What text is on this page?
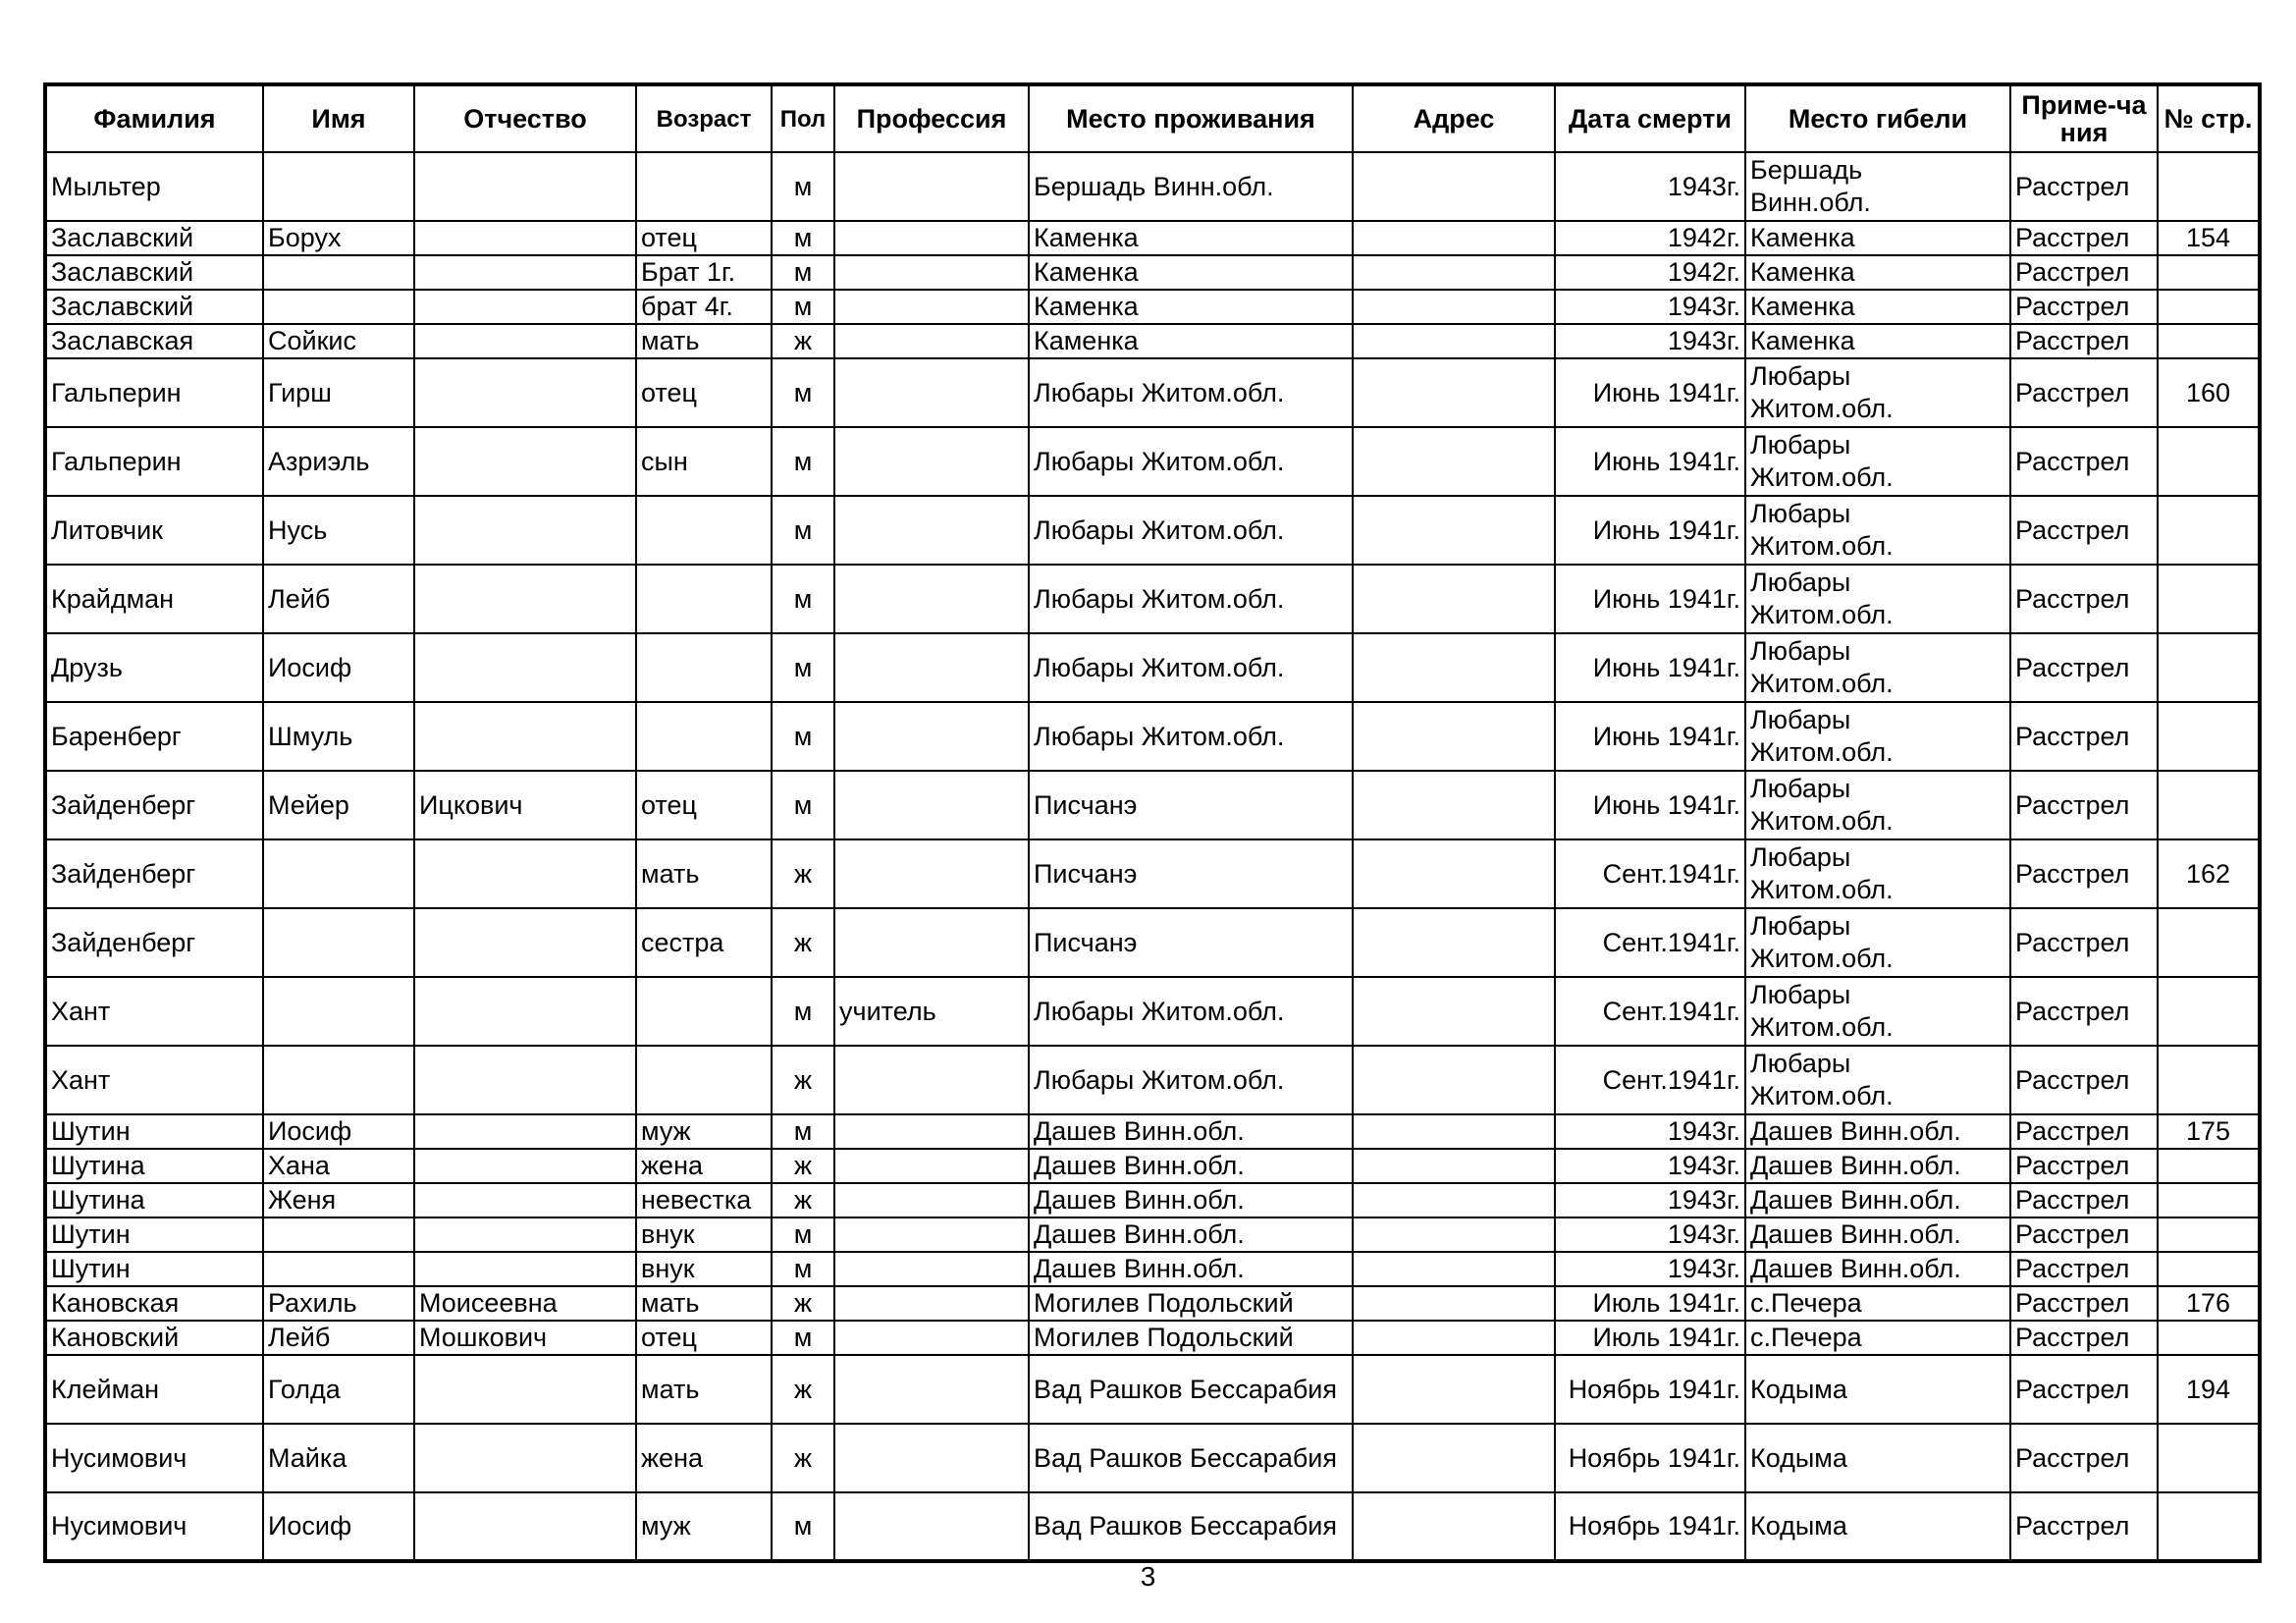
Фамилия	Имя	Отчество	Возраст	Пол	Профессия	Место проживания	Адрес	Дата смерти	Место гибели	Приме-чания	№ стр.
Мыльтер				м		Бершадь Винн.обл.		1943г.	Бершадь Винн.обл.	Расстрел	
Заславский	Борух		отец	м		Каменка		1942г.	Каменка	Расстрел	154
Заславский			Брат 1г.	м		Каменка		1942г.	Каменка	Расстрел	
Заславский			брат 4г.	м		Каменка		1943г.	Каменка	Расстрел	
Заславская	Сойкис		мать	ж		Каменка		1943г.	Каменка	Расстрел	
Гальперин	Гирш		отец	м		Любары Житом.обл.		Июнь 1941г.	Любары Житом.обл.	Расстрел	160
Гальперин	Азриэль		сын	м		Любары Житом.обл.		Июнь 1941г.	Любары Житом.обл.	Расстрел	
Литовчик	Нусь			м		Любары Житом.обл.		Июнь 1941г.	Любары Житом.обл.	Расстрел	
Крайдман	Лейб			м		Любары Житом.обл.		Июнь 1941г.	Любары Житом.обл.	Расстрел	
Друзь	Иосиф			м		Любары Житом.обл.		Июнь 1941г.	Любары Житом.обл.	Расстрел	
Баренберг	Шмуль			м		Любары Житом.обл.		Июнь 1941г.	Любары Житом.обл.	Расстрел	
Зайденберг	Мейер	Ицкович	отец	м		Писчанэ		Июнь 1941г.	Любары Житом.обл.	Расстрел	
Зайденберг			мать	ж		Писчанэ		Сент.1941г.	Любары Житом.обл.	Расстрел	162
Зайденберг			сестра	ж		Писчанэ		Сент.1941г.	Любары Житом.обл.	Расстрел	
Хант				м	учитель	Любары Житом.обл.		Сент.1941г.	Любары Житом.обл.	Расстрел	
Хант				ж		Любары Житом.обл.		Сент.1941г.	Любары Житом.обл.	Расстрел	
Шутин	Иосиф		муж	м		Дашев Винн.обл.		1943г.	Дашев Винн.обл.	Расстрел	175
Шутина	Хана		жена	ж		Дашев Винн.обл.		1943г.	Дашев Винн.обл.	Расстрел	
Шутина	Женя		невестка	ж		Дашев Винн.обл.		1943г.	Дашев Винн.обл.	Расстрел	
Шутин			внук	м		Дашев Винн.обл.		1943г.	Дашев Винн.обл.	Расстрел	
Шутин			внук	м		Дашев Винн.обл.		1943г.	Дашев Винн.обл.	Расстрел	
Кановская	Рахиль	Моисеевна	мать	ж		Могилев Подольский		Июль 1941г.	с.Печера	Расстрел	176
Кановский	Лейб	Мошкович	отец	м		Могилев Подольский		Июль 1941г.	с.Печера	Расстрел	
Клейман	Голда		мать	ж		Вад Рашков Бессарабия		Ноябрь 1941г.	Кодыма	Расстрел	194
Нусимович	Майка		жена	ж		Вад Рашков Бессарабия		Ноябрь 1941г.	Кодыма	Расстрел	
Нусимович	Иосиф		муж	м		Вад Рашков Бессарабия		Ноябрь 1941г.	Кодыма	Расстрел	
3
